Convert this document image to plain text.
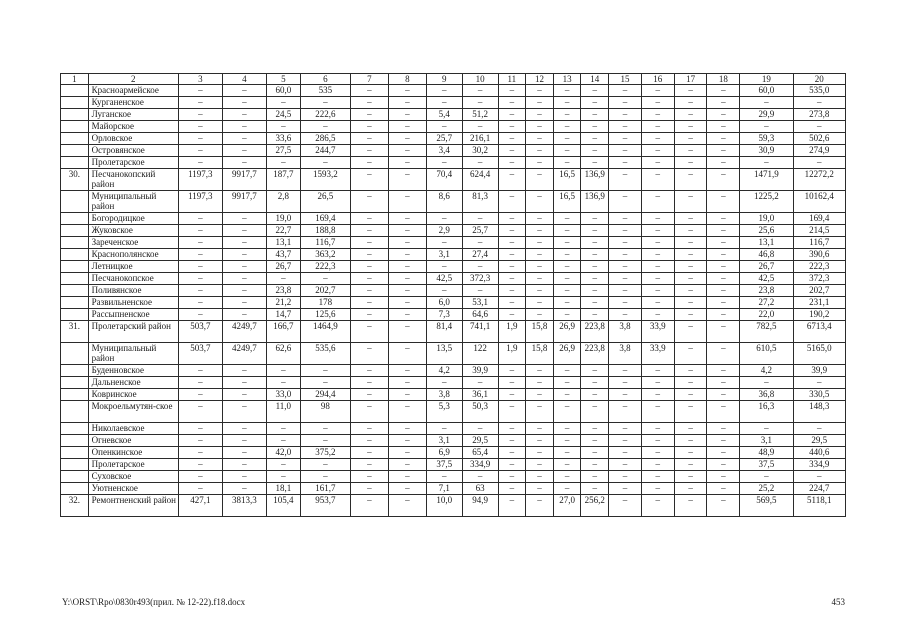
1	2	3	4	5	6	7	8	9	10	11	12	13	14	15	16	17	18	19	20
	Красноармейское	–	–	60,0	535	–	–	–	–	–	–	–	–	–	–	–	–	60,0	535,0
	Курганенское	–	–	–	–	–	–	–	–	–	–	–	–	–	–	–	–	–	–
	Луганское	–	–	24,5	222,6	–	–	5,4	51,2	–	–	–	–	–	–	–	–	29,9	273,8
	Майорское	–	–	–	–	–	–	–	–	–	–	–	–	–	–	–	–	–	–
	Орловское	–	–	33,6	286,5	–	–	25,7	216,1	–	–	–	–	–	–	–	–	59,3	502,6
	Островянское	–	–	27,5	244,7	–	–	3,4	30,2	–	–	–	–	–	–	–	–	30,9	274,9
	Пролетарское	–	–	–	–	–	–	–	–	–	–	–	–	–	–	–	–	–	–
30.	Песчанокопский район	1197,3	9917,7	187,7	1593,2	–	–	70,4	624,4	–	–	16,5	136,9	–	–	–	–	1471,9	12272,2
	Муниципальный район	1197,3	9917,7	2,8	26,5	–	–	8,6	81,3	–	–	16,5	136,9	–	–	–	–	1225,2	10162,4
	Богородицкое	–	–	19,0	169,4	–	–	–	–	–	–	–	–	–	–	–	–	19,0	169,4
	Жуковское	–	–	22,7	188,8	–	–	2,9	25,7	–	–	–	–	–	–	–	–	25,6	214,5
	Зареченское	–	–	13,1	116,7	–	–	–	–	–	–	–	–	–	–	–	–	13,1	116,7
	Краснополянское	–	–	43,7	363,2	–	–	3,1	27,4	–	–	–	–	–	–	–	–	46,8	390,6
	Летницкое	–	–	26,7	222,3	–	–	–	–	–	–	–	–	–	–	–	–	26,7	222,3
	Песчанокопское	–	–	–	–	–	–	42,5	372,3	–	–	–	–	–	–	–	–	42,5	372,3
	Поливянское	–	–	23,8	202,7	–	–	–	–	–	–	–	–	–	–	–	–	23,8	202,7
	Развильненское	–	–	21,2	178	–	–	6,0	53,1	–	–	–	–	–	–	–	–	27,2	231,1
	Рассыпненское	–	–	14,7	125,6	–	–	7,3	64,6	–	–	–	–	–	–	–	–	22,0	190,2
31.	Пролетарский район	503,7	4249,7	166,7	1464,9	–	–	81,4	741,1	1,9	15,8	26,9	223,8	3,8	33,9	–	–	782,5	6713,4
	Муниципальный район	503,7	4249,7	62,6	535,6	–	–	13,5	122	1,9	15,8	26,9	223,8	3,8	33,9	–	–	610,5	5165,0
	Буденновское	–	–	–	–	–	–	4,2	39,9	–	–	–	–	–	–	–	–	4,2	39,9
	Дальненское	–	–	–	–	–	–	–	–	–	–	–	–	–	–	–	–	–	–
	Ковринское	–	–	33,0	294,4	–	–	3,8	36,1	–	–	–	–	–	–	–	–	36,8	330,5
	Мокроельмутян-ское	–	–	11,0	98	–	–	5,3	50,3	–	–	–	–	–	–	–	–	16,3	148,3
	Николаевское	–	–	–	–	–	–	–	–	–	–	–	–	–	–	–	–	–	–
	Огневское	–	–	–	–	–	–	3,1	29,5	–	–	–	–	–	–	–	–	3,1	29,5
	Опенкинское	–	–	42,0	375,2	–	–	6,9	65,4	–	–	–	–	–	–	–	–	48,9	440,6
	Пролетарское	–	–	–	–	–	–	37,5	334,9	–	–	–	–	–	–	–	–	37,5	334,9
	Суховское	–	–	–	–	–	–	–	–	–	–	–	–	–	–	–	–	–	–
	Уютненское	–	–	18,1	161,7	–	–	7,1	63	–	–	–	–	–	–	–	–	25,2	224,7
32.	Ремонтненский район	427,1	3813,3	105,4	953,7	–	–	10,0	94,9	–	–	27,0	256,2	–	–	–	–	569,5	5118,1
Y:\ORST\Rpo\0830r493(прил. № 12-22).f18.docx	453
